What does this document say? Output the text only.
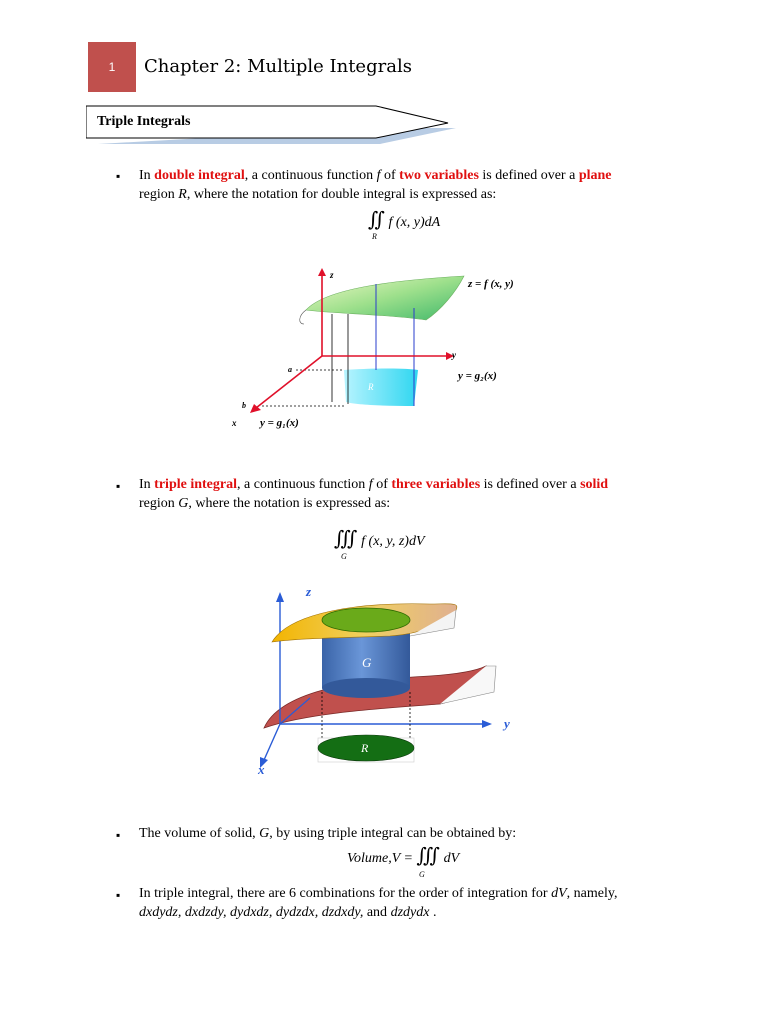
1 Chapter 2: Multiple Integrals
Triple Integrals
▪ In double integral, a continuous function f of two variables is defined over a plane
region R, where the notation for double integral is expressed as:
∬ f (x, y)dA
R
R
z
y
x
a
b
z = f (x, y)
y = g₂(x)
y = g₁(x)
▪ In triple integral, a continuous function f of three variables is defined over a solid
region G, where the notation is expressed as:
∭ f (x, y, z)dV
G
G
R
z
y
x
▪ The volume of solid, G, by using triple integral can be obtained by:
Volume,V = ∭ dV
G
▪ In triple integral, there are 6 combinations for the order of integration for dV, namely,
dxdydz, dxdzdy, dydxdz, dydzdx, dzdxdy, and dzdydx .
